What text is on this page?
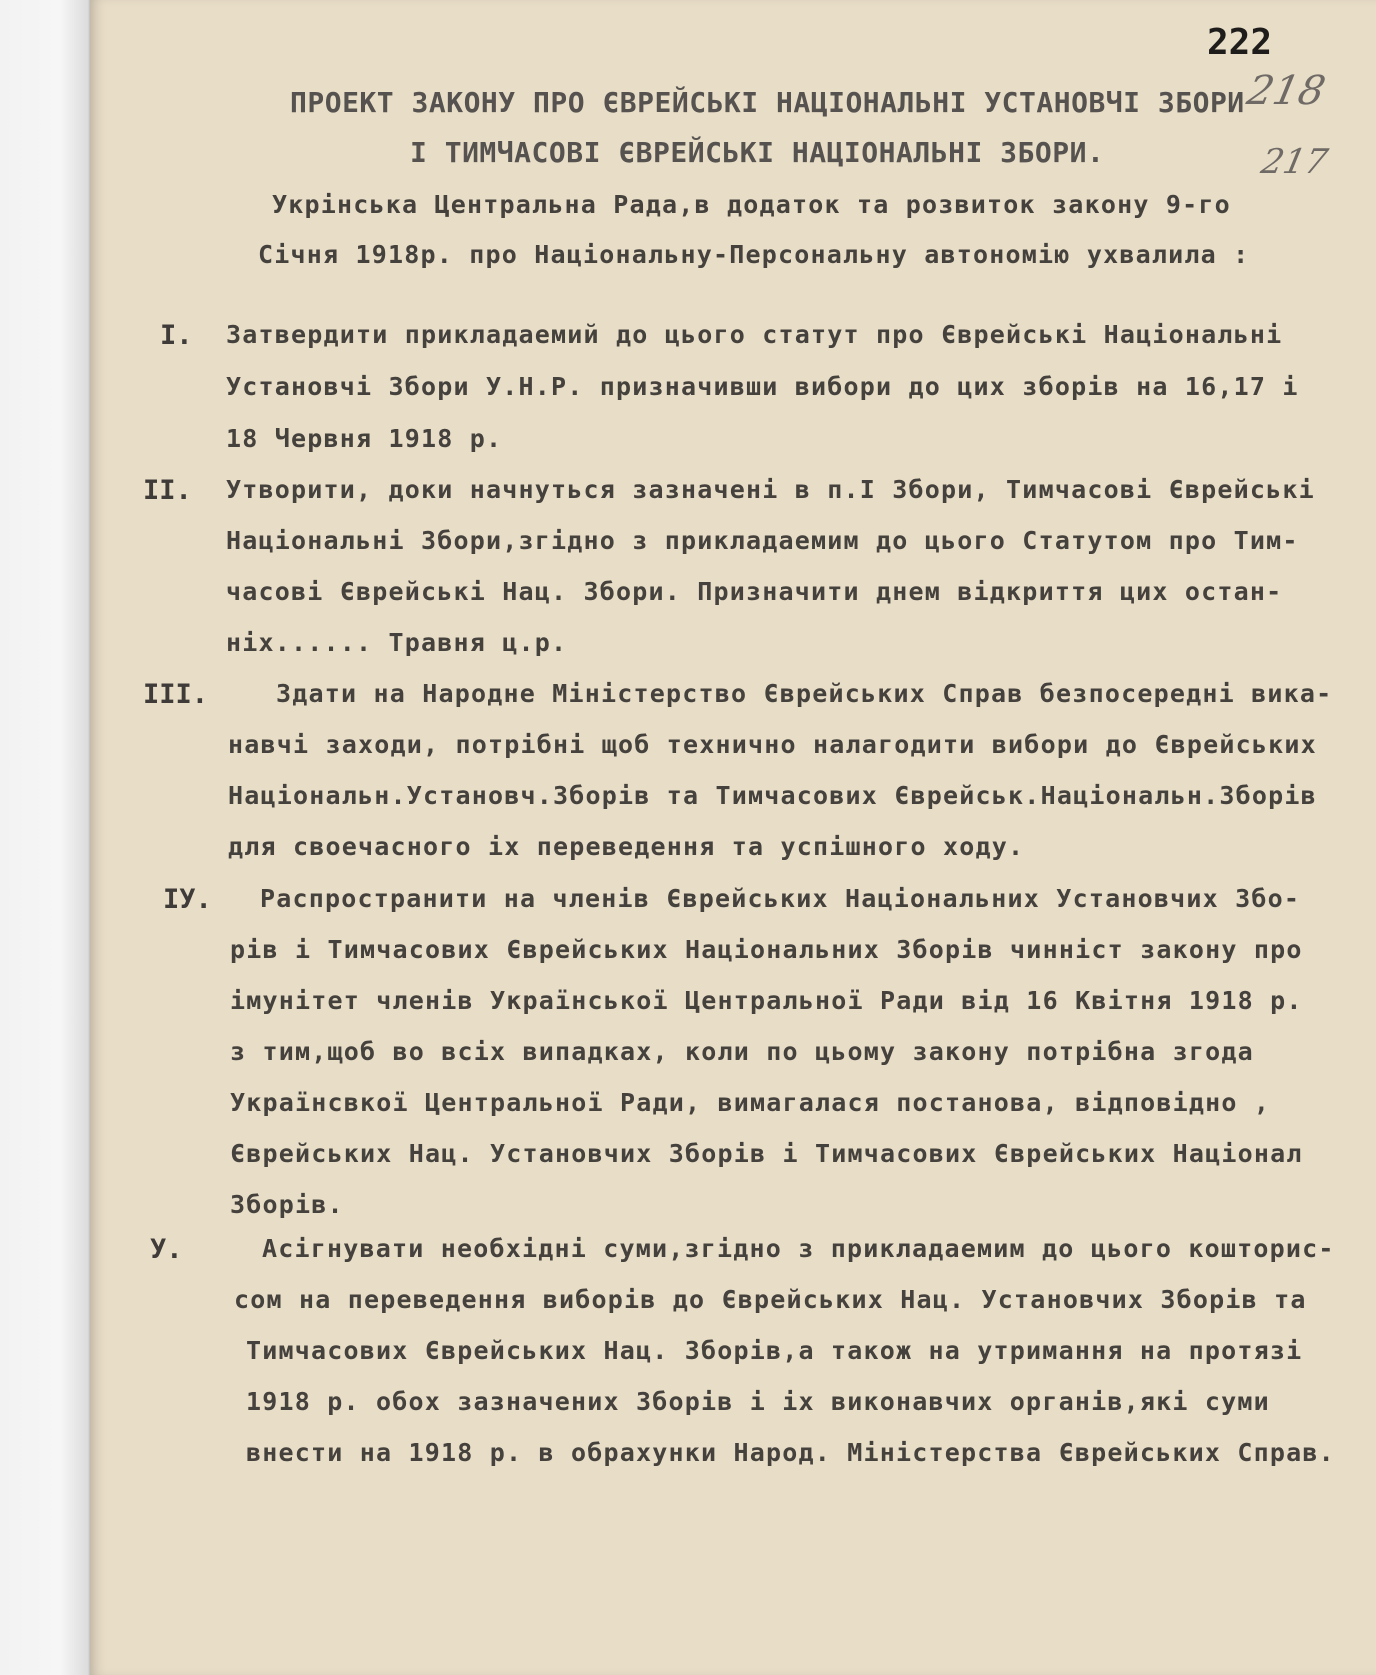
222
218
217
ПРОЕКТ ЗАКОНУ ПРО ЄВРЕЙСЬКІ НАЦІОНАЛЬНІ УСТАНОВЧІ ЗБОРИ
І ТИМЧАСОВІ ЄВРЕЙСЬКІ НАЦІОНАЛЬНІ ЗБОРИ.
Укрінська Центральна Рада,в додаток та розвиток закону 9-го
Січня 1918р. про Національну-Персональну автономію ухвалила :
I. Затвердити прикладаемий до цього статут про Єврейські Національні
Установчі Збори У.Н.Р. призначивши вибори до цих зборів на 16,17 і
18 Червня 1918 р.
II. Утворити, доки начнуться зазначені в п.І Збори, Тимчасові Єврейські
Національні Збори,згідно з прикладаемим до цього Статутом про Тим-
часові Єврейські Нац. Збори. Призначити днем відкриття цих остан-
ніх...... Травня ц.р.
III.	Здати на Народне Міністерство Єврейських Справ безпосередні вика-
навчі заходи, потрібні щоб технично налагодити вибори до Єврейських
Національн.Установч.Зборів та Тимчасових Єврейськ.Національн.Зборів
для своечасного іх переведення та успішного ходу.
IУ. Распространити на членів Єврейських Національних Установчих Збо-
рів і Тимчасових Єврейських Національних Зборів чинніст закону про
імунітет членів Української Центральної Ради від 16 Квітня 1918 р.
з тим,щоб во всіх випадках, коли по цьому закону потрібна згода
Українсвкої Центральної Ради, вимагалася постанова, відповідно ,
Єврейських Нац. Установчих Зборів і Тимчасових Єврейських Націонал
Зборів.
У.	Асігнувати необхідні суми,згідно з прикладаемим до цього кошторис-
сом на переведення виборів до Єврейських Нац. Установчих Зборів та
Тимчасових Єврейських Нац. Зборів,а також на утримання на протязі
1918 р. обох зазначених Зборів і іх виконавчих органів,які суми
внести на 1918 р. в обрахунки Народ. Міністерства Єврейських Справ.
